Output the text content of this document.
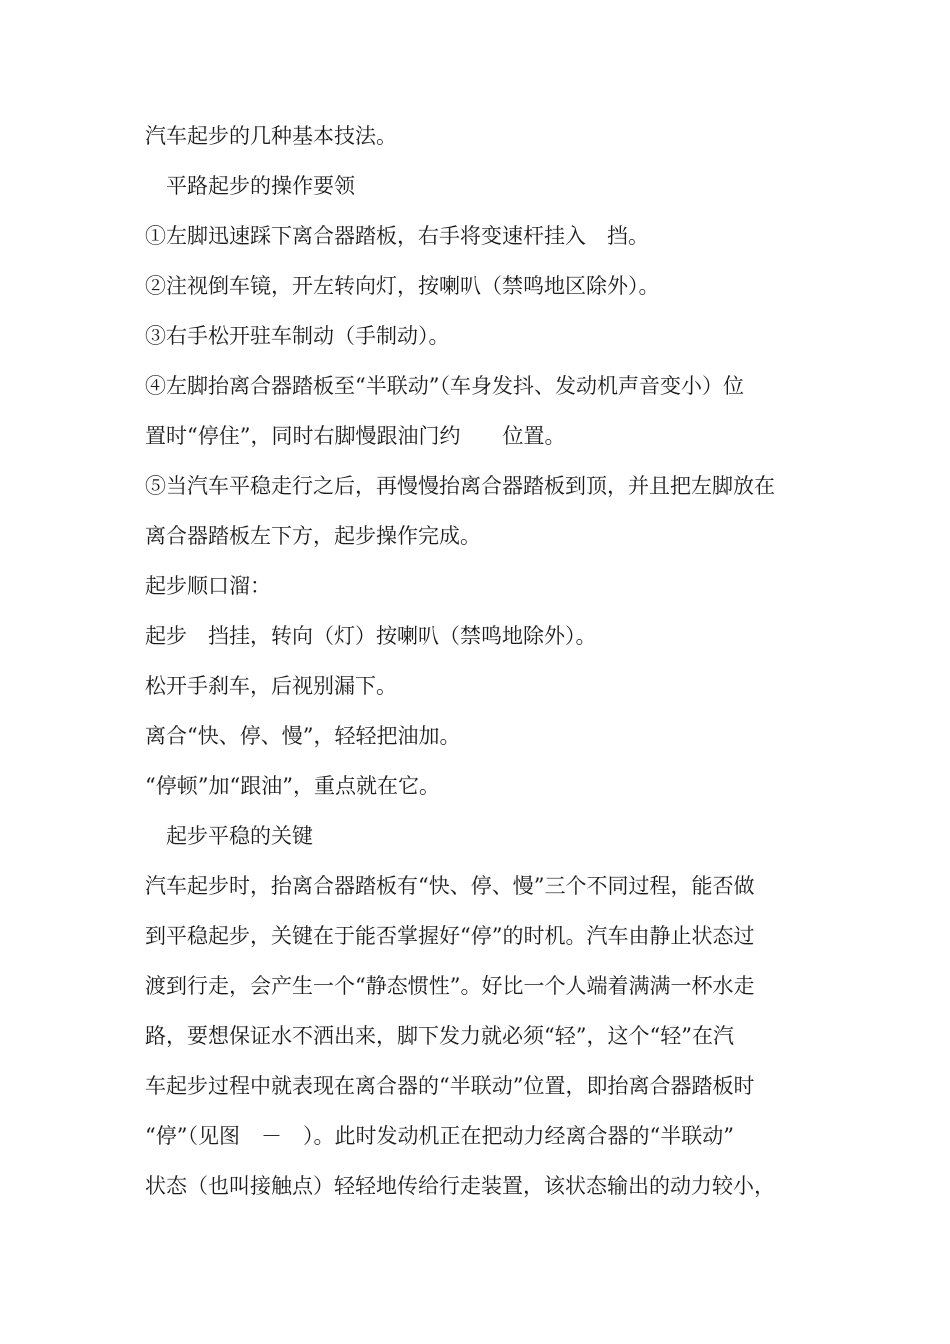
汽车起步的几种基本技法。
平路起步的操作要领
①左脚迅速踩下离合器踏板，右手将变速杆挂入　挡。
②注视倒车镜，开左转向灯，按喇叭（禁鸣地区除外）。
③右手松开驻车制动（手制动）。
④左脚抬离合器踏板至“半联动”（车身发抖、发动机声音变小）位
置时“停住”，同时右脚慢跟油门约　　位置。
⑤当汽车平稳走行之后，再慢慢抬离合器踏板到顶，并且把左脚放在
离合器踏板左下方，起步操作完成。
起步顺口溜：
起步　挡挂，转向（灯）按喇叭（禁鸣地除外）。
松开手刹车，后视别漏下。
离合“快、停、慢”，轻轻把油加。
“停顿”加“跟油”，重点就在它。
起步平稳的关键
汽车起步时，抬离合器踏板有“快、停、慢”三个不同过程，能否做
到平稳起步，关键在于能否掌握好“停”的时机。汽车由静止状态过
渡到行走，会产生一个“静态惯性”。好比一个人端着满满一杯水走
路，要想保证水不洒出来，脚下发力就必须“轻”，这个“轻”在汽
车起步过程中就表现在离合器的“半联动”位置，即抬离合器踏板时
“停”（见图　－　）。此时发动机正在把动力经离合器的“半联动”
状态（也叫接触点）轻轻地传给行走装置，该状态输出的动力较小，
